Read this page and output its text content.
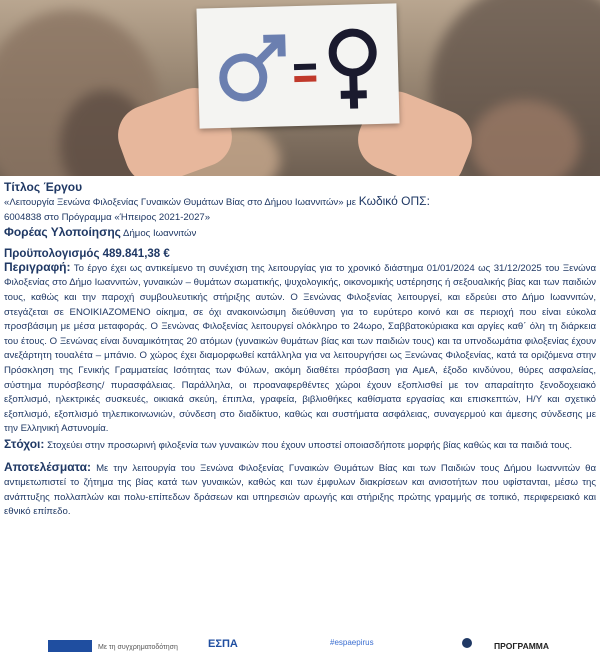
=
Τίτλος Έργου

«Λειτουργία Ξενώνα Φιλοξενίας Γυναικών Θυμάτων Βίας στο Δήμου Ιωαννιτών» με Κωδικό ΟΠΣ:

6004838 στο Πρόγραμμα «Ήπειρος 2021-2027»

Φορέας Υλοποίησης Δήμος Ιωαννιτών

Προϋπολογισμός 489.841,38 €

Περιγραφή: Το έργο έχει ως αντικείμενο τη συνέχιση της λειτουργίας για το χρονικό διάστημα 01/01/2024 ως 31/12/2025 του Ξενώνα Φιλοξενίας στο Δήμο Ιωαννιτών, γυναικών – θυμάτων σωματικής, ψυχολογικής, οικονομικής υστέρησης ή σεξουαλικής βίας και των παιδιών τους, καθώς και την παροχή συμβουλευτικής στήριξης αυτών. Ο Ξενώνας Φιλοξενίας λειτουργεί, και εδρεύει στο Δήμο Ιωαννιτών, στεγάζεται σε ΕΝΟΙΚΙΑΖΟΜΕΝΟ οίκημα, σε όχι ανακοινώσιμη διεύθυνση για το ευρύτερο κοινό και σε περιοχή που είναι εύκολα προσβάσιμη με μέσα μεταφοράς. Ο Ξενώνας Φιλοξενίας λειτουργεί ολόκληρο το 24ωρο, Σαββατοκύριακα και αργίες καθ΄ όλη τη διάρκεια του έτους. Ο Ξενώνας είναι δυναμικότητας 20 ατόμων (γυναικών θυμάτων βίας και των παιδιών τους) και τα υπνοδωμάτια φιλοξενίας έχουν ανεξάρτητη τουαλέτα – μπάνιο. Ο χώρος έχει διαμορφωθεί κατάλληλα για να λειτουργήσει ως Ξενώνας Φιλοξενίας, κατά τα οριζόμενα στην Πρόσκληση της Γενικής Γραμματείας Ισότητας των Φύλων, ακόμη διαθέτει πρόσβαση για ΑμεΑ, έξοδο κινδύνου, θύρες ασφαλείας, σύστημα πυρόσβεσης/ πυρασφάλειας. Παράλληλα, οι προαναφερθέντες χώροι έχουν εξοπλισθεί με τον απαραίτητο ξενοδοχειακό εξοπλισμό, ηλεκτρικές συσκευές, οικιακά σκεύη, έπιπλα, γραφεία, βιβλιοθήκες καθίσματα εργασίας και επισκεπτών, Η/Υ και σχετικό εξοπλισμό, εξοπλισμό τηλεπικοινωνιών, σύνδεση στο διαδίκτυο, καθώς και συστήματα ασφάλειας, συναγερμού και άμεσης σύνδεσης με την Ελληνική Αστυνομία.

Στόχοι: Στοχεύει στην προσωρινή φιλοξενία των γυναικών που έχουν υποστεί οποιασδήποτε μορφής βίας καθώς και τα παιδιά τους.

Αποτελέσματα: Με την λειτουργία του Ξενώνα Φιλοξενίας Γυναικών Θυμάτων Βίας και των Παιδιών τους Δήμου Ιωαννιτών θα αντιμετωπιστεί το ζήτημα της βίας κατά των γυναικών, καθώς και των έμφυλων διακρίσεων και ανισοτήτων που υφίστανται, μέσω της ανάπτυξης πολλαπλών και πολυ-επίπεδων δράσεων και υπηρεσιών αρωγής και στήριξης πρώτης γραμμής σε τοπικό, περιφερειακό και εθνικό επίπεδο.

Με τη συγχρηματοδότηση	ΕΣΠΑ	#espaepirus	ΠΡΟΓΡΑΜΜΑ
